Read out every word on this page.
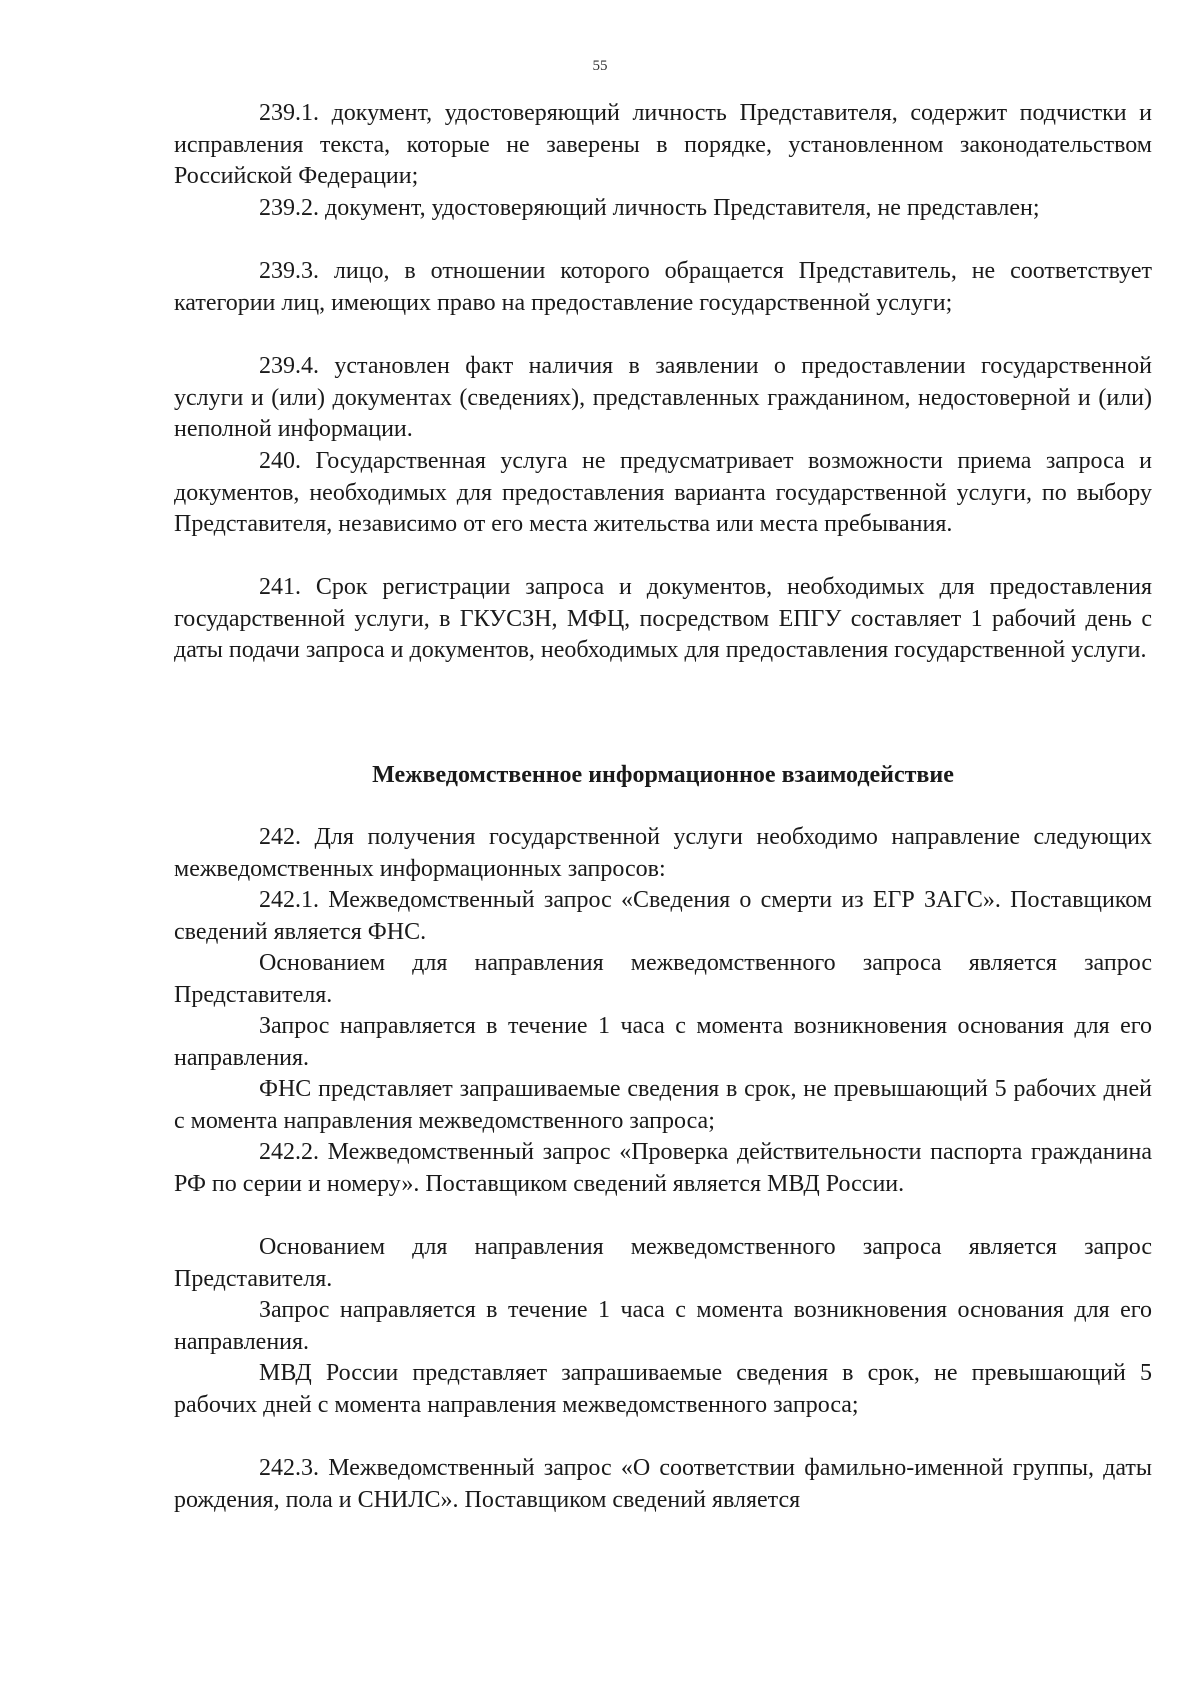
55

239.1. документ, удостоверяющий личность Представителя, содержит подчистки и исправления текста, которые не заверены в порядке, установленном законодательством Российской Федерации;

239.2. документ, удостоверяющий личность Представителя, не представлен;

239.3. лицо, в отношении которого обращается Представитель, не соответствует категории лиц, имеющих право на предоставление государственной услуги;

239.4. установлен факт наличия в заявлении о предоставлении государственной услуги и (или) документах (сведениях), представленных гражданином, недостоверной и (или) неполной информации.

240. Государственная услуга не предусматривает возможности приема запроса и документов, необходимых для предоставления варианта государственной услуги, по выбору Представителя, независимо от его места жительства или места пребывания.

241. Срок регистрации запроса и документов, необходимых для предоставления государственной услуги, в ГКУСЗН, МФЦ, посредством ЕПГУ составляет 1 рабочий день с даты подачи запроса и документов, необходимых для предоставления государственной услуги.

Межведомственное информационное взаимодействие

242. Для получения государственной услуги необходимо направление следующих межведомственных информационных запросов:

242.1. Межведомственный запрос «Сведения о смерти из ЕГР ЗАГС». Поставщиком сведений является ФНС.

Основанием для направления межведомственного запроса является запрос Представителя.

Запрос направляется в течение 1 часа с момента возникновения основания для его направления.

ФНС представляет запрашиваемые сведения в срок, не превышающий 5 рабочих дней с момента направления межведомственного запроса;

242.2. Межведомственный запрос «Проверка действительности паспорта гражданина РФ по серии и номеру». Поставщиком сведений является МВД России.

Основанием для направления межведомственного запроса является запрос Представителя.

Запрос направляется в течение 1 часа с момента возникновения основания для его направления.

МВД России представляет запрашиваемые сведения в срок, не превышающий 5 рабочих дней с момента направления межведомственного запроса;

242.3. Межведомственный запрос «О соответствии фамильно-именной группы, даты рождения, пола и СНИЛС». Поставщиком сведений является
